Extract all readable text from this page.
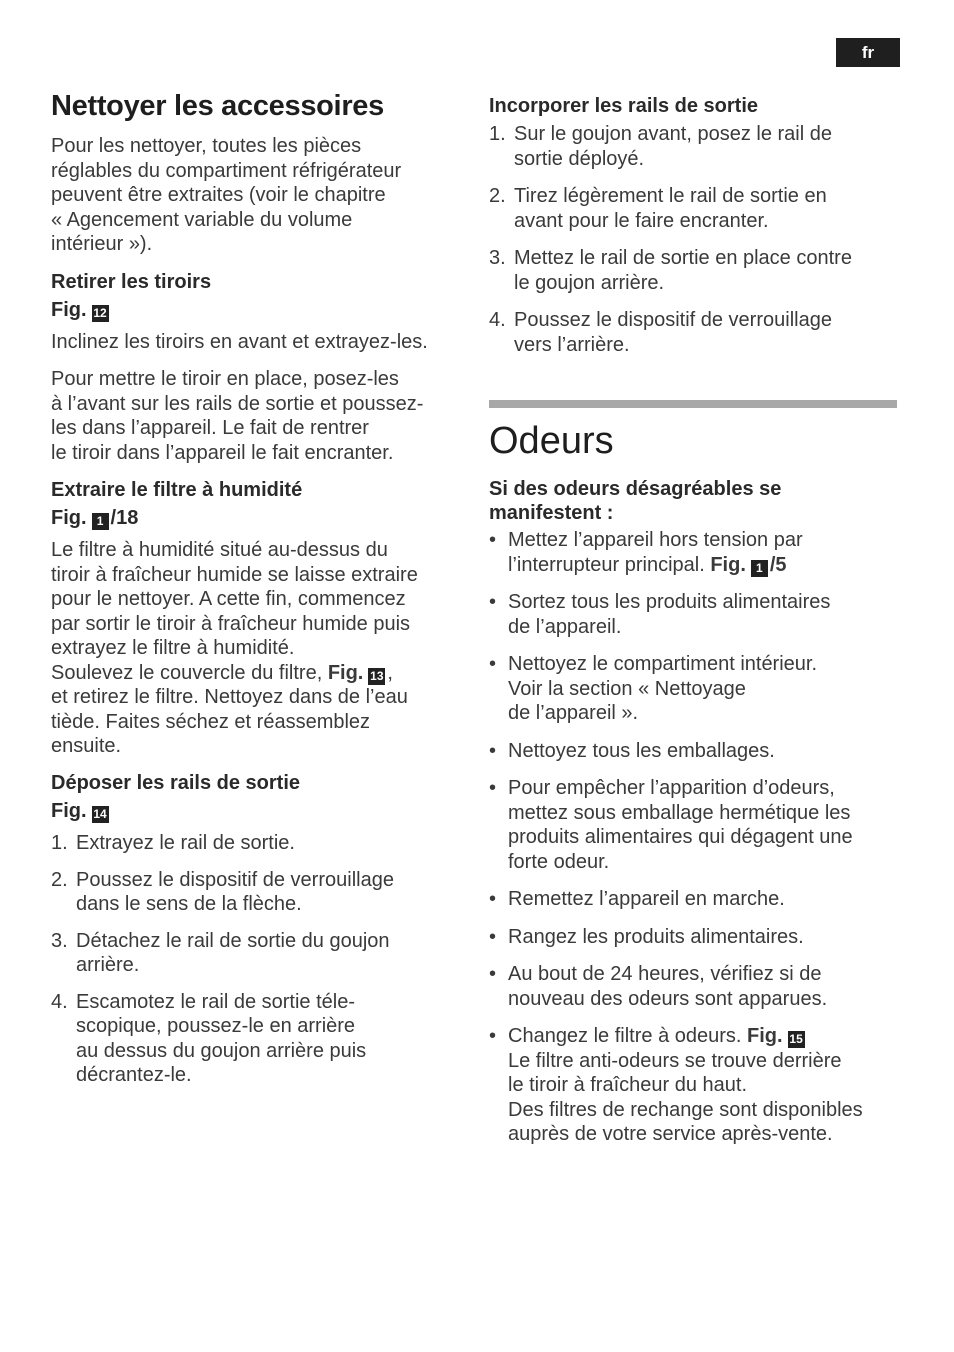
fr
Nettoyer les accessoires
Pour les nettoyer, toutes les pièces
réglables du compartiment réfrigérateur
peuvent être extraites (voir le chapitre
« Agencement variable du volume
intérieur »).
Retirer les tiroirs
Fig. 12
Inclinez les tiroirs en avant et extrayez-les.
Pour mettre le tiroir en place, posez-les
à l’avant sur les rails de sortie et poussez-
les dans l’appareil. Le fait de rentrer
le tiroir dans l’appareil le fait encranter.
Extraire le filtre à humidité
Fig. 1 /18
Le filtre à humidité situé au-dessus du
tiroir à fraîcheur humide se laisse extraire
pour le nettoyer. A cette fin, commencez
par sortir le tiroir à fraîcheur humide puis
extrayez le filtre à humidité.
Soulevez le couvercle du filtre, Fig. 13 ,
et retirez le filtre. Nettoyez dans de l’eau
tiède. Faites séchez et réassemblez
ensuite.
Déposer les rails de sortie
Fig. 14
1. Extrayez le rail de sortie.
2. Poussez le dispositif de verrouillage
dans le sens de la flèche.
3. Détachez le rail de sortie du goujon
arrière.
4. Escamotez le rail de sortie téle-
scopique, poussez-le en arrière
au dessus du goujon arrière puis
décrantez-le.
Incorporer les rails de sortie
1. Sur le goujon avant, posez le rail de
sortie déployé.
2. Tirez légèrement le rail de sortie en
avant pour le faire encranter.
3. Mettez le rail de sortie en place contre
le goujon arrière.
4. Poussez le dispositif de verrouillage
vers l’arrière.
Odeurs
Si des odeurs désagréables se
manifestent :
• Mettez l’appareil hors tension par
l’interrupteur principal. Fig. 1 /5
• Sortez tous les produits alimentaires
de l’appareil.
• Nettoyez le compartiment intérieur.
Voir la section « Nettoyage
de l’appareil ».
• Nettoyez tous les emballages.
• Pour empêcher l’apparition d’odeurs,
mettez sous emballage hermétique les
produits alimentaires qui dégagent une
forte odeur.
• Remettez l’appareil en marche.
• Rangez les produits alimentaires.
• Au bout de 24 heures, vérifiez si de
nouveau des odeurs sont apparues.
• Changez le filtre à odeurs. Fig. 15
Le filtre anti-odeurs se trouve derrière
le tiroir à fraîcheur du haut.
Des filtres de rechange sont disponibles
auprès de votre service après-vente.
